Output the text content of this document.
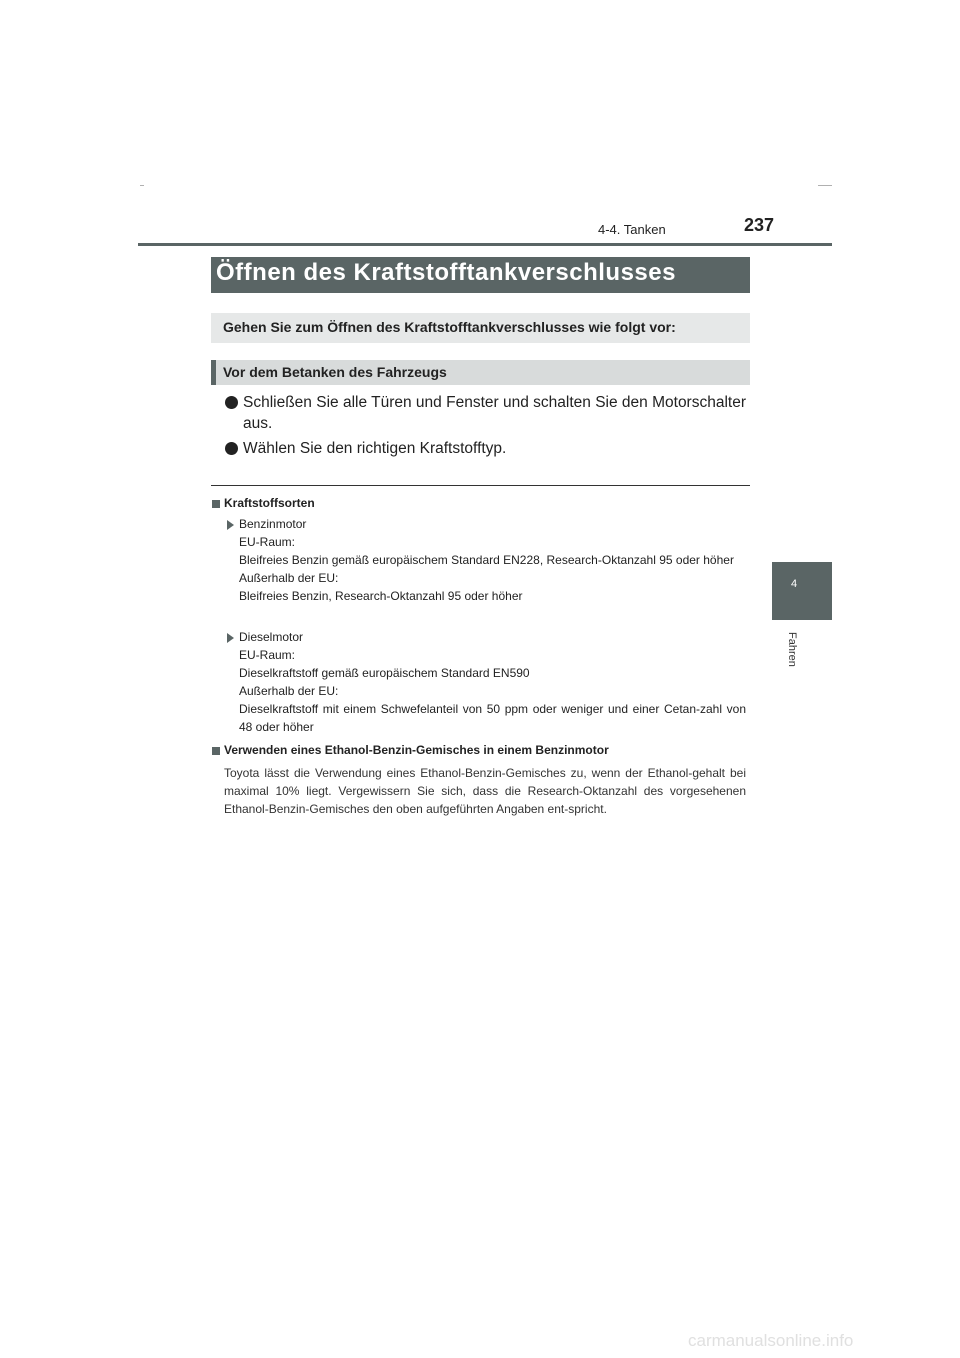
4-4. Tanken	237
4
Fahren
Öffnen des Kraftstofftankverschlusses
Gehen Sie zum Öffnen des Kraftstofftankverschlusses wie folgt vor:
Vor dem Betanken des Fahrzeugs
Schließen Sie alle Türen und Fenster und schalten Sie den Motorschalter aus.
Wählen Sie den richtigen Kraftstofftyp.
Kraftstoffsorten
Benzinmotor
EU-Raum:
Bleifreies Benzin gemäß europäischem Standard EN228, Research-Oktanzahl 95 oder höher
Außerhalb der EU:
Bleifreies Benzin, Research-Oktanzahl 95 oder höher
Dieselmotor
EU-Raum:
Dieselkraftstoff gemäß europäischem Standard EN590
Außerhalb der EU:
Dieselkraftstoff mit einem Schwefelanteil von 50 ppm oder weniger und einer Cetan-zahl von 48 oder höher
Verwenden eines Ethanol-Benzin-Gemisches in einem Benzinmotor
Toyota lässt die Verwendung eines Ethanol-Benzin-Gemisches zu, wenn der Ethanol-gehalt bei maximal 10% liegt. Vergewissern Sie sich, dass die Research-Oktanzahl des vorgesehenen Ethanol-Benzin-Gemisches den oben aufgeführten Angaben ent-spricht.
carmanualsonline.info
